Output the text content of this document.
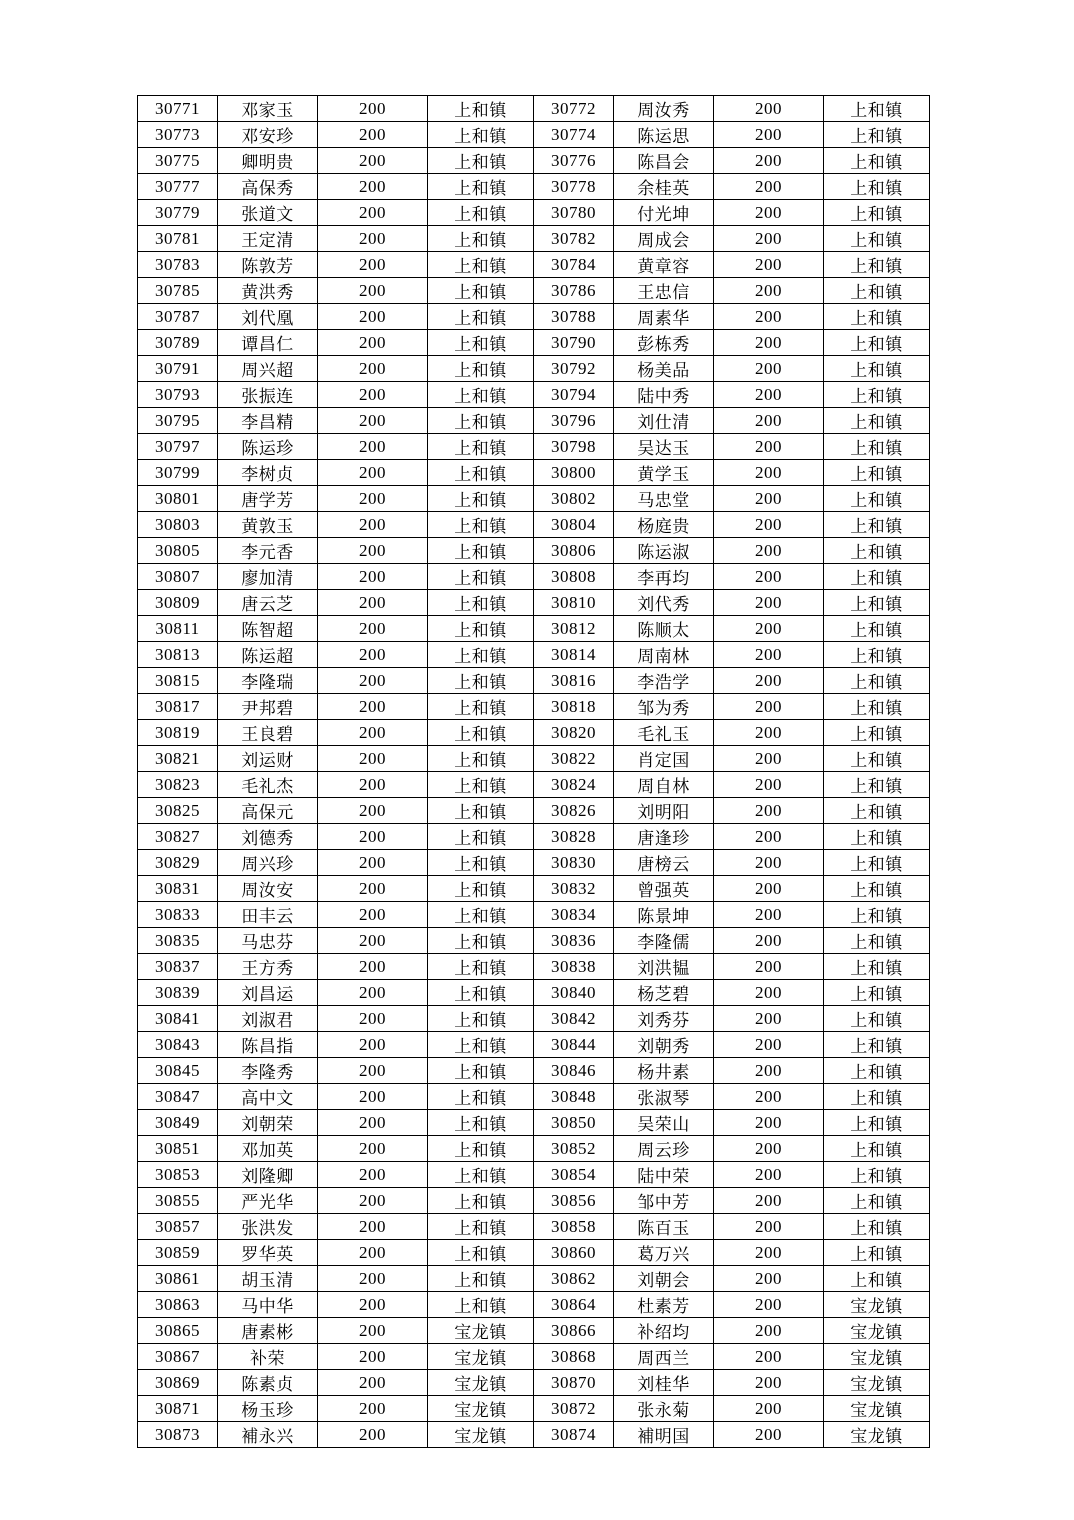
30771	邓家玉	200	上和镇	30772	周汝秀	200	上和镇
30773	邓安珍	200	上和镇	30774	陈运思	200	上和镇
30775	卿明贵	200	上和镇	30776	陈昌会	200	上和镇
30777	高保秀	200	上和镇	30778	余桂英	200	上和镇
30779	张道文	200	上和镇	30780	付光坤	200	上和镇
30781	王定清	200	上和镇	30782	周成会	200	上和镇
30783	陈敦芳	200	上和镇	30784	黄章容	200	上和镇
30785	黄洪秀	200	上和镇	30786	王忠信	200	上和镇
30787	刘代凰	200	上和镇	30788	周素华	200	上和镇
30789	谭昌仁	200	上和镇	30790	彭栋秀	200	上和镇
30791	周兴超	200	上和镇	30792	杨美品	200	上和镇
30793	张振连	200	上和镇	30794	陆中秀	200	上和镇
30795	李昌精	200	上和镇	30796	刘仕清	200	上和镇
30797	陈运珍	200	上和镇	30798	吴达玉	200	上和镇
30799	李树贞	200	上和镇	30800	黄学玉	200	上和镇
30801	唐学芳	200	上和镇	30802	马忠堂	200	上和镇
30803	黄敦玉	200	上和镇	30804	杨庭贵	200	上和镇
30805	李元香	200	上和镇	30806	陈运淑	200	上和镇
30807	廖加清	200	上和镇	30808	李再均	200	上和镇
30809	唐云芝	200	上和镇	30810	刘代秀	200	上和镇
30811	陈智超	200	上和镇	30812	陈顺太	200	上和镇
30813	陈运超	200	上和镇	30814	周南林	200	上和镇
30815	李隆瑞	200	上和镇	30816	李浩学	200	上和镇
30817	尹邦碧	200	上和镇	30818	邹为秀	200	上和镇
30819	王良碧	200	上和镇	30820	毛礼玉	200	上和镇
30821	刘运财	200	上和镇	30822	肖定国	200	上和镇
30823	毛礼杰	200	上和镇	30824	周自林	200	上和镇
30825	高保元	200	上和镇	30826	刘明阳	200	上和镇
30827	刘德秀	200	上和镇	30828	唐逢珍	200	上和镇
30829	周兴珍	200	上和镇	30830	唐榜云	200	上和镇
30831	周汝安	200	上和镇	30832	曾强英	200	上和镇
30833	田丰云	200	上和镇	30834	陈景坤	200	上和镇
30835	马忠芬	200	上和镇	30836	李隆儒	200	上和镇
30837	王方秀	200	上和镇	30838	刘洪韫	200	上和镇
30839	刘昌运	200	上和镇	30840	杨芝碧	200	上和镇
30841	刘淑君	200	上和镇	30842	刘秀芬	200	上和镇
30843	陈昌指	200	上和镇	30844	刘朝秀	200	上和镇
30845	李隆秀	200	上和镇	30846	杨井素	200	上和镇
30847	高中文	200	上和镇	30848	张淑琴	200	上和镇
30849	刘朝荣	200	上和镇	30850	吴荣山	200	上和镇
30851	邓加英	200	上和镇	30852	周云珍	200	上和镇
30853	刘隆卿	200	上和镇	30854	陆中荣	200	上和镇
30855	严光华	200	上和镇	30856	邹中芳	200	上和镇
30857	张洪发	200	上和镇	30858	陈百玉	200	上和镇
30859	罗华英	200	上和镇	30860	葛万兴	200	上和镇
30861	胡玉清	200	上和镇	30862	刘朝会	200	上和镇
30863	马中华	200	上和镇	30864	杜素芳	200	宝龙镇
30865	唐素彬	200	宝龙镇	30866	补绍均	200	宝龙镇
30867	补荣	200	宝龙镇	30868	周西兰	200	宝龙镇
30869	陈素贞	200	宝龙镇	30870	刘桂华	200	宝龙镇
30871	杨玉珍	200	宝龙镇	30872	张永菊	200	宝龙镇
30873	補永兴	200	宝龙镇	30874	補明国	200	宝龙镇
